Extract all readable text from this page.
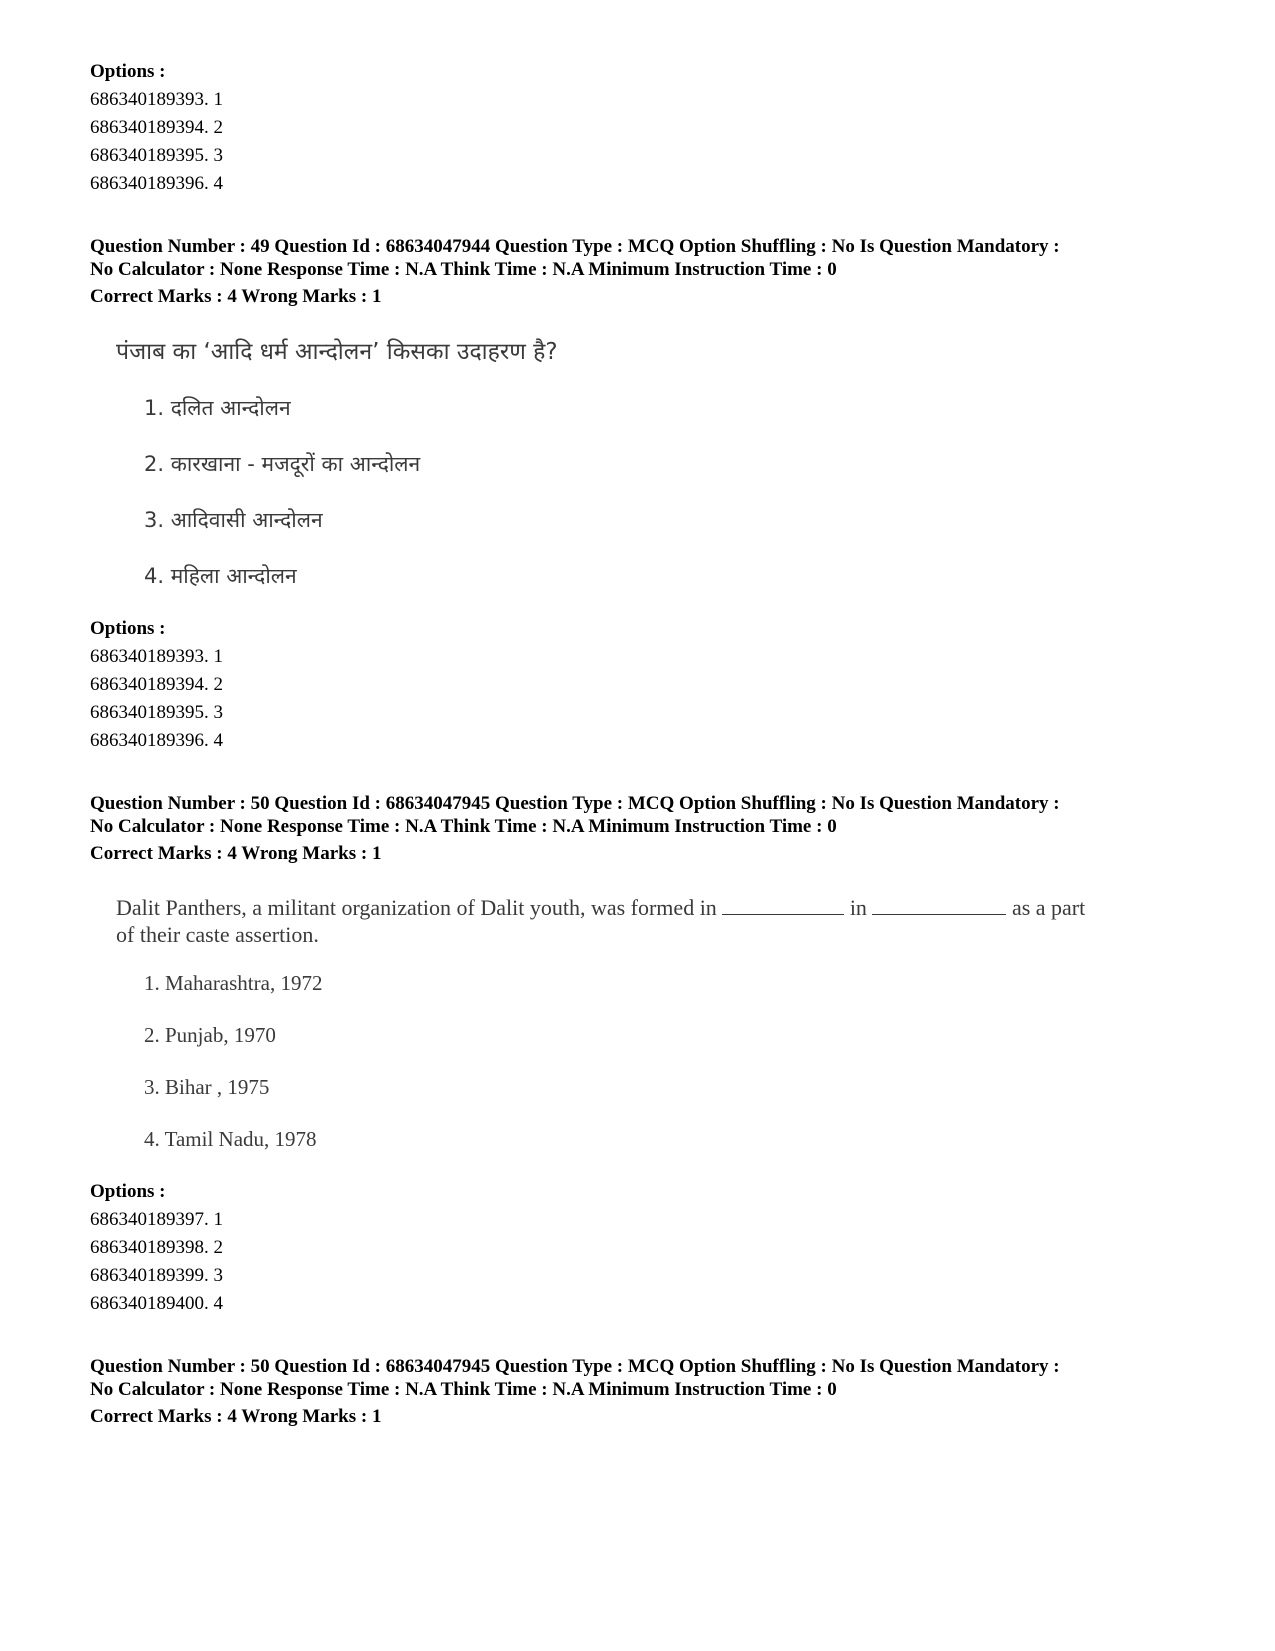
Options :
686340189393. 1
686340189394. 2
686340189395. 3
686340189396. 4
Question Number : 49 Question Id : 68634047944 Question Type : MCQ Option Shuffling : No Is Question Mandatory :
No Calculator : None Response Time : N.A Think Time : N.A Minimum Instruction Time : 0
Correct Marks : 4 Wrong Marks : 1
पंजाब का ‘आदि धर्म आन्दोलन’ किसका उदाहरण है?
1. दलित आन्दोलन
2. कारखाना - मजदूरों का आन्दोलन
3. आदिवासी आन्दोलन
4. महिला आन्दोलन
Options :
686340189393. 1
686340189394. 2
686340189395. 3
686340189396. 4
Question Number : 50 Question Id : 68634047945 Question Type : MCQ Option Shuffling : No Is Question Mandatory :
No Calculator : None Response Time : N.A Think Time : N.A Minimum Instruction Time : 0
Correct Marks : 4 Wrong Marks : 1
Dalit Panthers, a militant organization of Dalit youth, was formed in	in	as a part
of their caste assertion.
1. Maharashtra, 1972
2. Punjab, 1970
3. Bihar , 1975
4. Tamil Nadu, 1978
Options :
686340189397. 1
686340189398. 2
686340189399. 3
686340189400. 4
Question Number : 50 Question Id : 68634047945 Question Type : MCQ Option Shuffling : No Is Question Mandatory :
No Calculator : None Response Time : N.A Think Time : N.A Minimum Instruction Time : 0
Correct Marks : 4 Wrong Marks : 1
